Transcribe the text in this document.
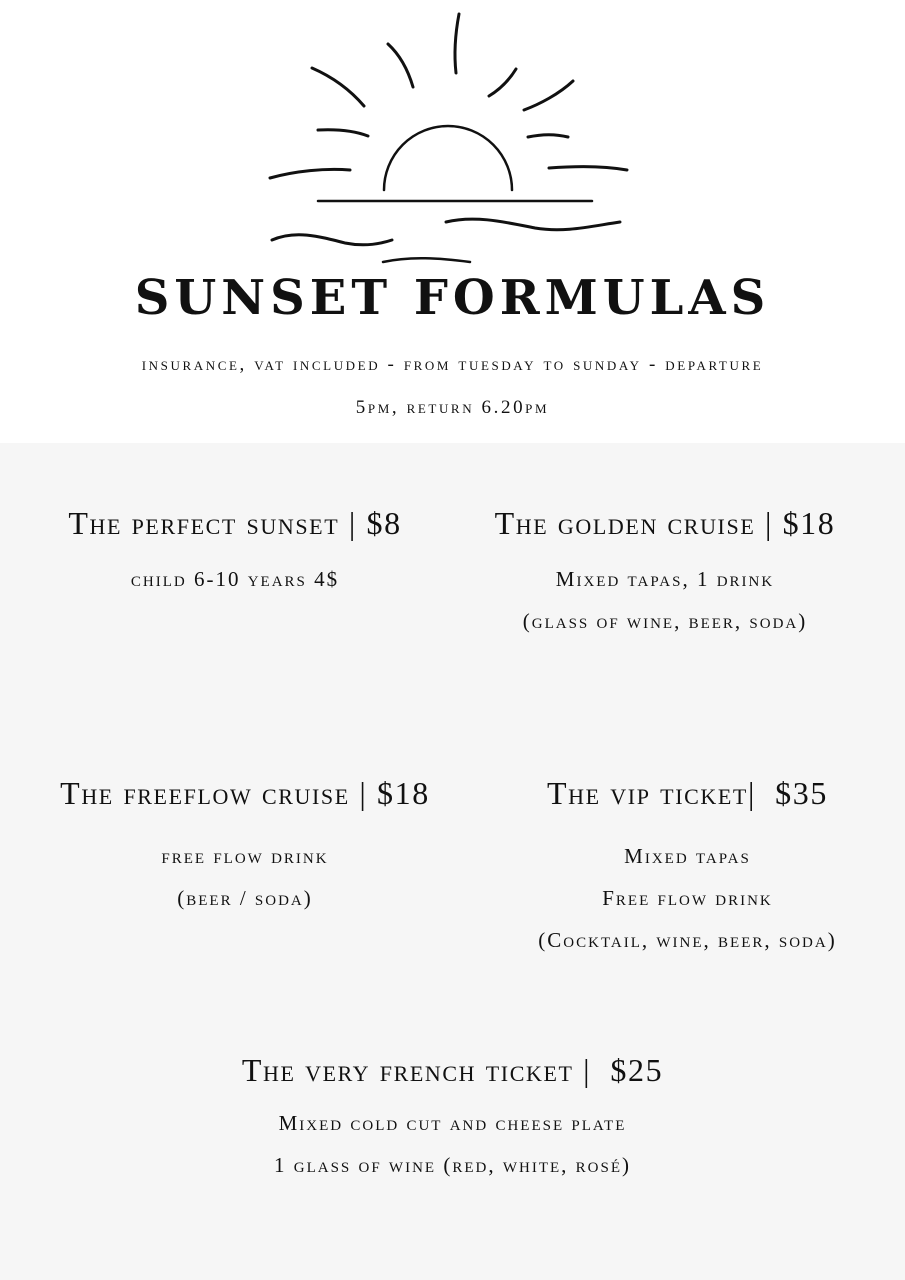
SUNSET FORMULAS
insurance, vat included - from tuesday to sunday - departure
5pm, return 6.20pm
The perfect sunset | $8
child 6-10 years 4$
The golden cruise | $18
Mixed tapas, 1 drink
(glass of wine, beer, soda)
The freeflow cruise | $18
free flow drink
(beer / soda)
The vip ticket|  $35
Mixed tapas
Free flow drink
(Cocktail, wine, beer, soda)
The very french ticket |  $25
Mixed cold cut and cheese plate
1 glass of wine (red, white, rosé)
